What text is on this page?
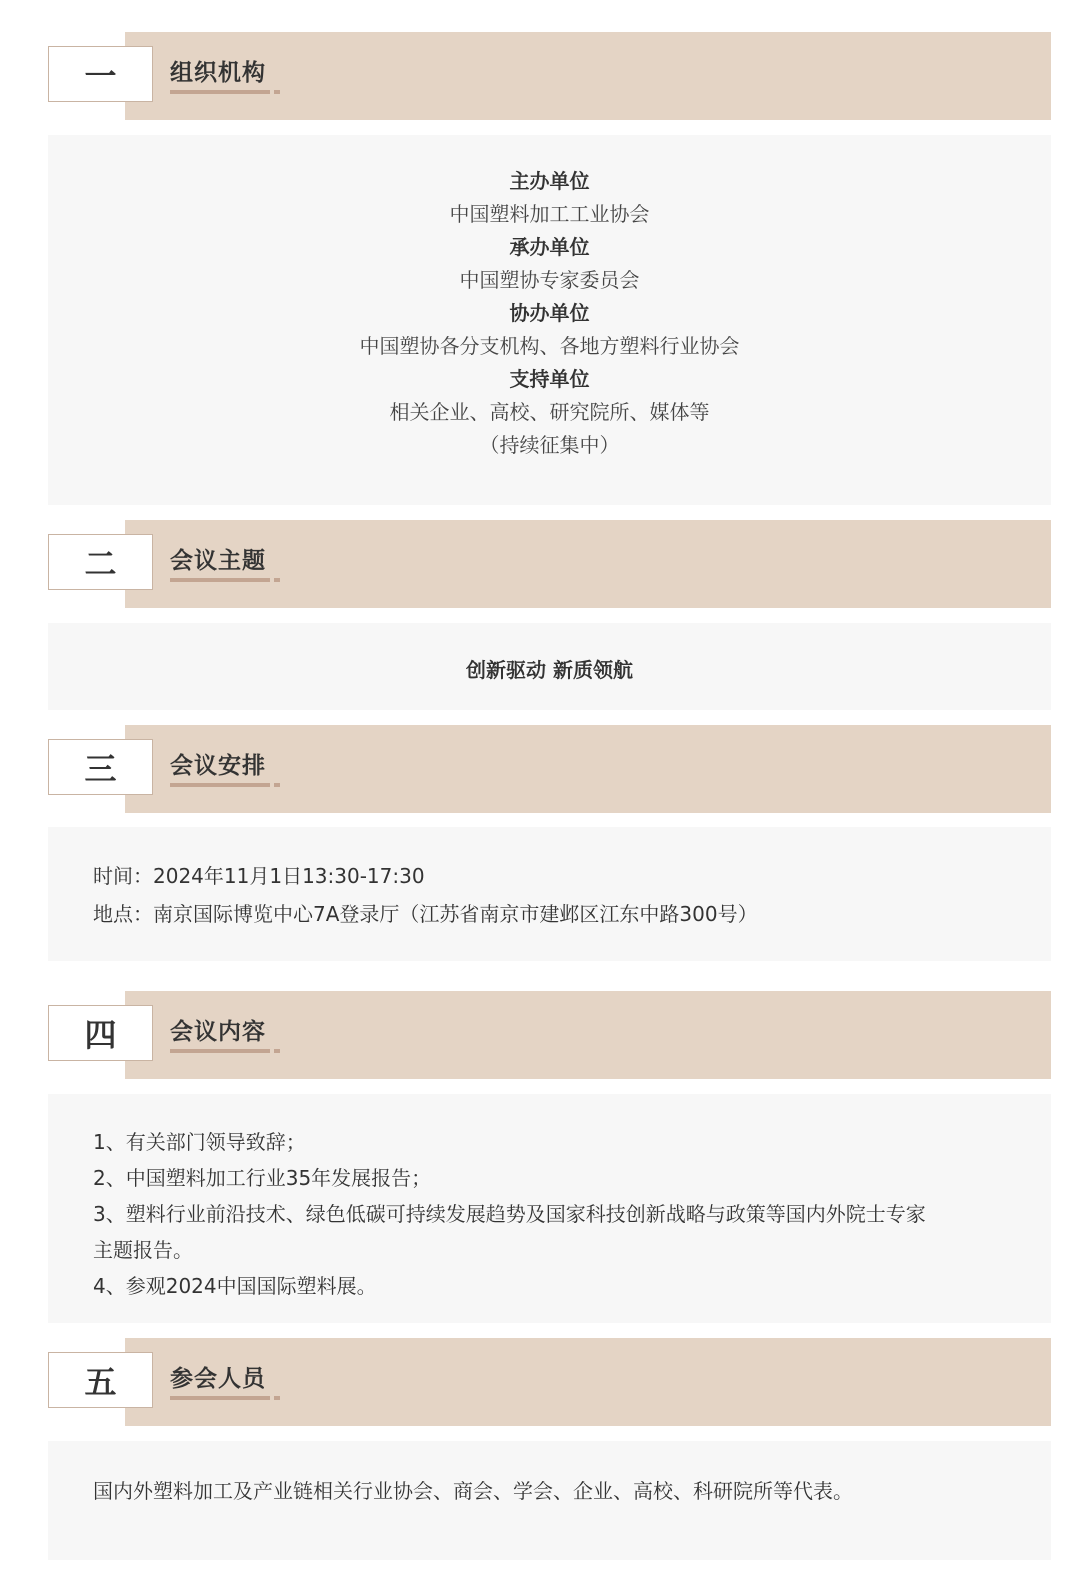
一	组织机构
主办单位
中国塑料加工工业协会
承办单位
中国塑协专家委员会
协办单位
中国塑协各分支机构、各地方塑料行业协会
支持单位
相关企业、高校、研究院所、媒体等
（持续征集中）
二	会议主题
创新驱动 新质领航
三	会议安排
时间：2024年11月1日13:30-17:30
地点：南京国际博览中心7A登录厅（江苏省南京市建邺区江东中路300号）
四	会议内容
1、有关部门领导致辞；
2、中国塑料加工行业35年发展报告；
3、塑料行业前沿技术、绿色低碳可持续发展趋势及国家科技创新战略与政策等国内外院士专家
主题报告。
4、参观2024中国国际塑料展。
五	参会人员
国内外塑料加工及产业链相关行业协会、商会、学会、企业、高校、科研院所等代表。
